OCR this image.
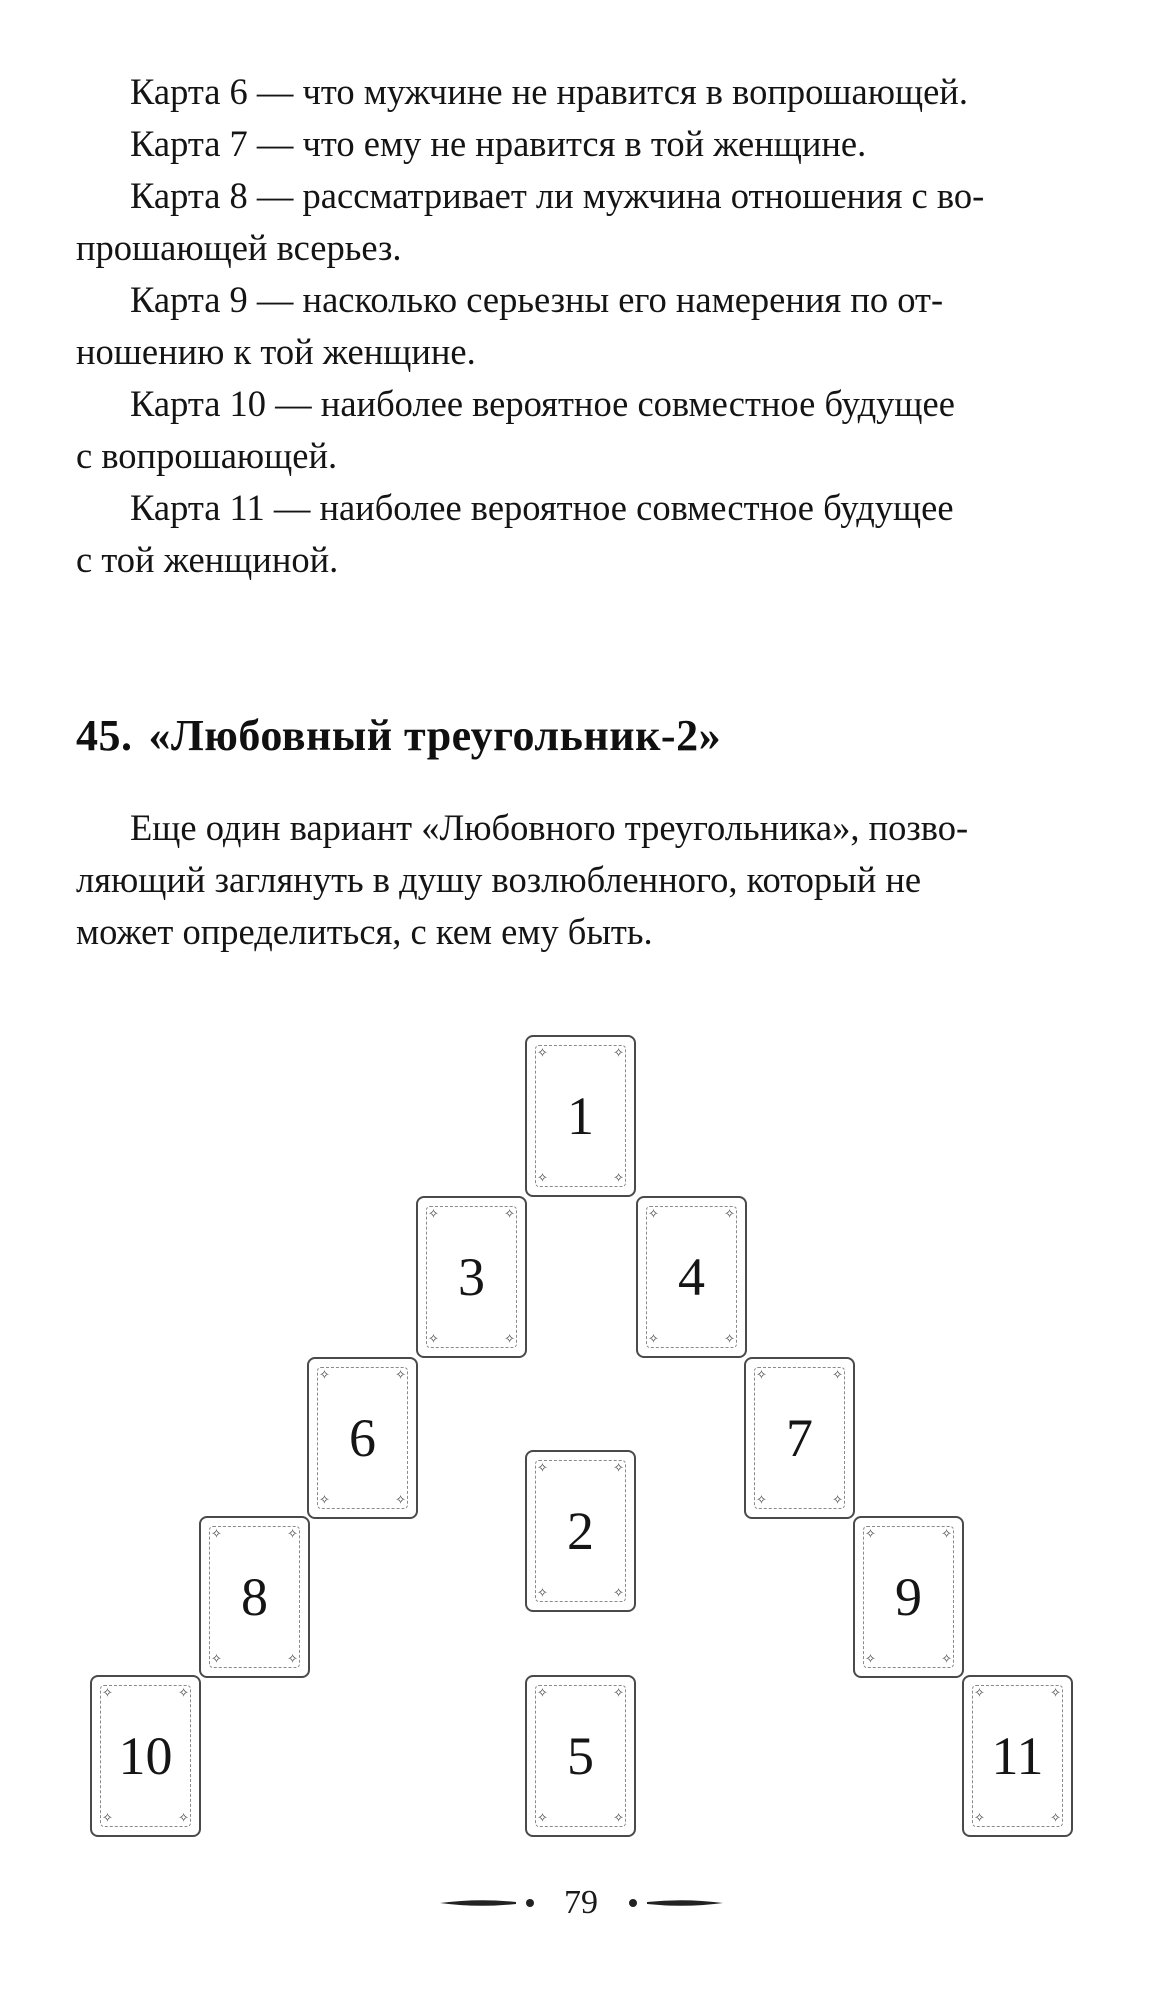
Карта 6 — что мужчине не нравится в вопрошающей.

Карта 7 — что ему не нравится в той женщине.

Карта 8 — рассматривает ли мужчина отношения с во-
прошающей всерьез.

Карта 9 — насколько серьезны его намерения по от-
ношению к той женщине.

Карта 10 — наиболее вероятное совместное будущее
с вопрошающей.

Карта 11 — наиболее вероятное совместное будущее
с той женщиной.

45. «Любовный треугольник-2»

Еще один вариант «Любовного треугольника», позво-
ляющий заглянуть в душу возлюбленного, который не
может определиться, с кем ему быть.

✧	✧
✧	✧
1
✧	✧
✧	✧
2
✧	✧
✧	✧
3
✧	✧
✧	✧
4
✧	✧
✧	✧
5
✧	✧
✧	✧
6
✧	✧
✧	✧
7
✧	✧
✧	✧
8
✧	✧
✧	✧
9
✧	✧
✧	✧
10
✧	✧
✧	✧
11
79
